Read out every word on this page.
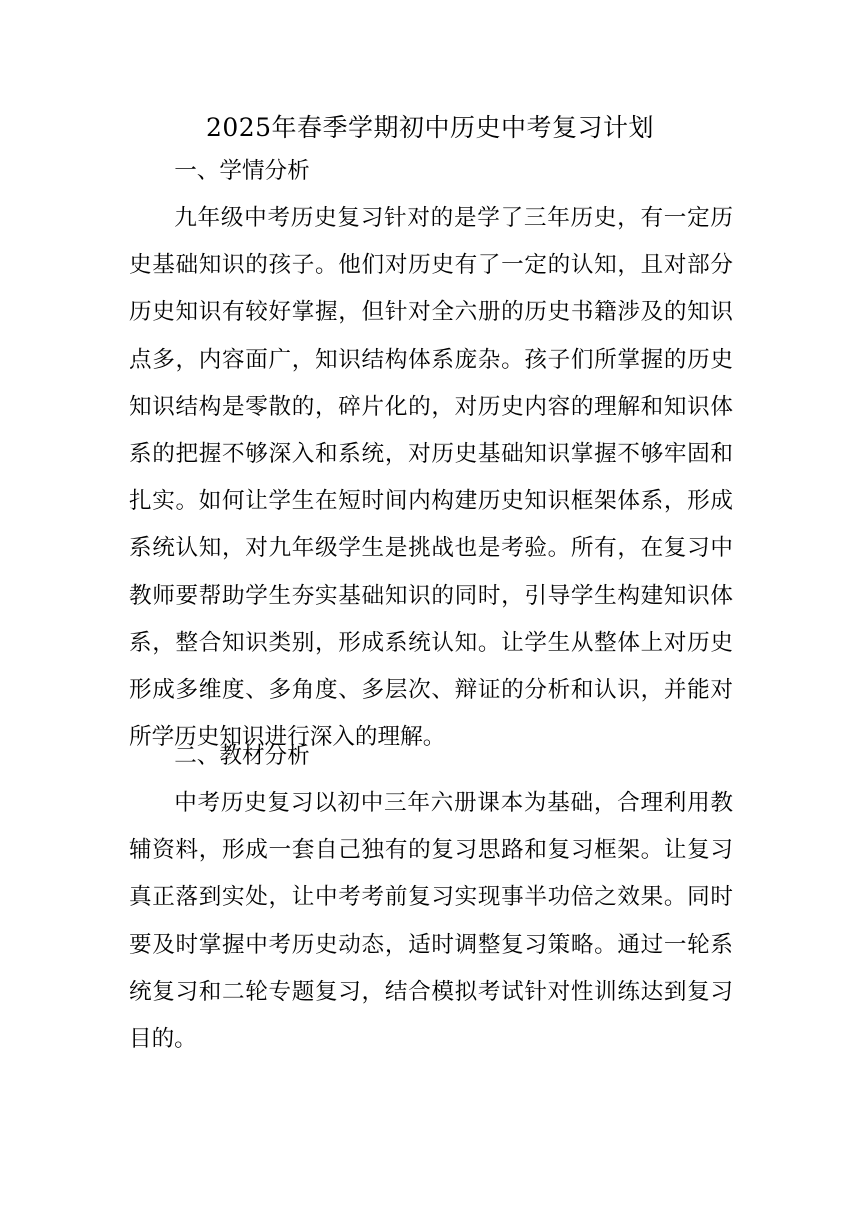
2025年春季学期初中历史中考复习计划

一、学情分析

九年级中考历史复习针对的是学了三年历史，有一定历史基础知识的孩子。他们对历史有了一定的认知，且对部分历史知识有较好掌握，但针对全六册的历史书籍涉及的知识点多，内容面广，知识结构体系庞杂。孩子们所掌握的历史知识结构是零散的，碎片化的，对历史内容的理解和知识体系的把握不够深入和系统，对历史基础知识掌握不够牢固和扎实。如何让学生在短时间内构建历史知识框架体系，形成系统认知，对九年级学生是挑战也是考验。所有，在复习中教师要帮助学生夯实基础知识的同时，引导学生构建知识体系，整合知识类别，形成系统认知。让学生从整体上对历史形成多维度、多角度、多层次、辩证的分析和认识，并能对所学历史知识进行深入的理解。

二、教材分析

中考历史复习以初中三年六册课本为基础，合理利用教辅资料，形成一套自己独有的复习思路和复习框架。让复习真正落到实处，让中考考前复习实现事半功倍之效果。同时要及时掌握中考历史动态，适时调整复习策略。通过一轮系统复习和二轮专题复习，结合模拟考试针对性训练达到复习目的。
